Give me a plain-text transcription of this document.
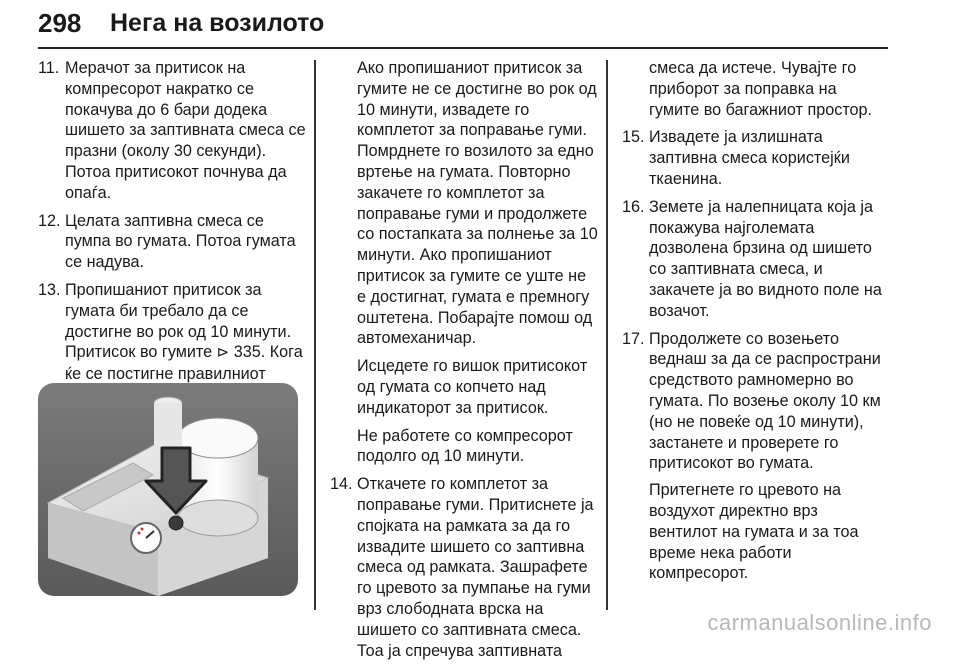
298 Нега на возилото
11. Мерачот за притисок на компресорот накратко се покачува до 6 бари додека шишето за заптивната смеса се празни (околу 30 секунди). Потоа притисокот почнува да опаѓа.
12. Целата заптивна смеса се пумпа во гумата. Потоа гумата се надува.
13. Пропишаниот притисок за гумата би требало да се достигне во рок од 10 минути. Притисок во гумите ⊳ 335. Кога ќе се постигне правилниот

Ако пропишаниот притисок за гумите не се достигне во рок од 10 минути, извадете го комплетот за поправање гуми. Помрднете го возилото за едно вртење на гумата. Повторно закачете го комплетот за поправање гуми и продолжете со постапката за полнење за 10 минути. Ако пропишаниот притисок за гумите се уште не е достигнат, гумата е премногу оштетена. Побарајте помош од автомеханичар.

Исцедете го вишок притисокот од гумата со копчето над индикаторот за притисок.

Не работете со компресорот подолго од 10 минути.

14. Откачете го комплетот за поправање гуми. Притиснете ја спојката на рамката за да го извадите шишето со заптивна смеса од рамката. Зашрафете го цревото за пумпање на гуми врз слободната врска на шишето со заптивната смеса. Тоа ја спречува заптивната

смеса да истече. Чувајте го приборот за поправка на гумите во багажниот простор.

15. Извадете ја излишната заптивна смеса користејќи ткаенина.
16. Земете ја налепницата која ја покажува најголемата дозволена брзина од шишето со заптивната смеса, и закачете ја во видното поле на возачот.
17. Продолжете со возењето веднаш за да се распространи средството рамномерно во гумата. По возење околу 10 км (но не повеќе од 10 минути), застанете и проверете го притисокот во гумата.
Притегнете го цревото на воздухот директно врз вентилот на гумата и за тоа време нека работи компресорот.
carmanualsonline.info
